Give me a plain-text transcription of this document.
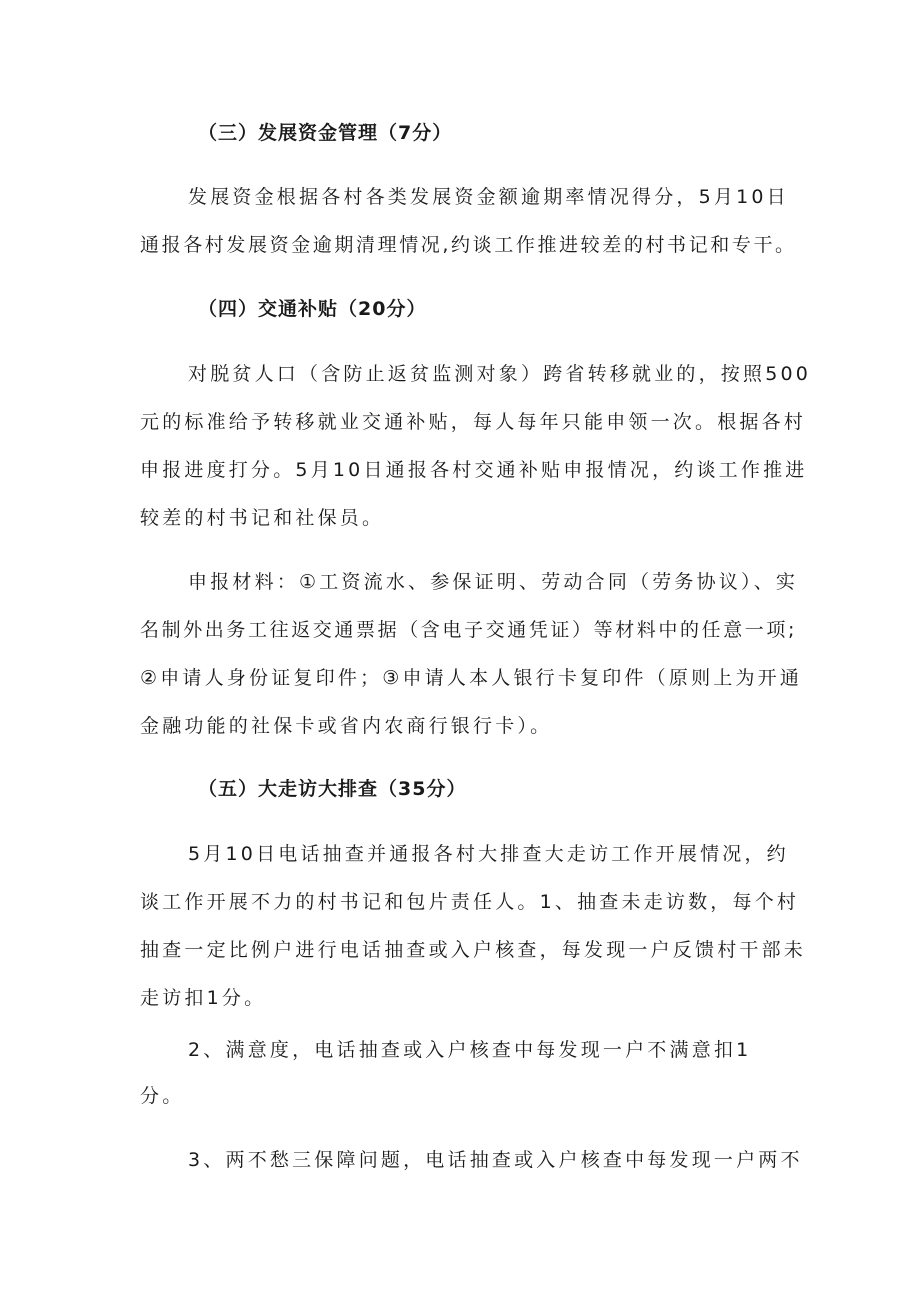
（三）发展资金管理（7分）
发展资金根据各村各类发展资金额逾期率情况得分，5月10日
通报各村发展资金逾期清理情况,约谈工作推进较差的村书记和专干。
（四）交通补贴（20分）
对脱贫人口（含防止返贫监测对象）跨省转移就业的，按照500
元的标准给予转移就业交通补贴，每人每年只能申领一次。根据各村
申报进度打分。5月10日通报各村交通补贴申报情况，约谈工作推进
较差的村书记和社保员。
申报材料：①工资流水、参保证明、劳动合同（劳务协议）、实
名制外出务工往返交通票据（含电子交通凭证）等材料中的任意一项;
②申请人身份证复印件；③申请人本人银行卡复印件（原则上为开通
金融功能的社保卡或省内农商行银行卡）。
（五）大走访大排查（35分）
5月10日电话抽查并通报各村大排查大走访工作开展情况，约
谈工作开展不力的村书记和包片责任人。1、抽查未走访数，每个村
抽查一定比例户进行电话抽查或入户核查，每发现一户反馈村干部未
走访扣1分。
2、满意度，电话抽查或入户核查中每发现一户不满意扣1
分。
3、两不愁三保障问题，电话抽查或入户核查中每发现一户两不
